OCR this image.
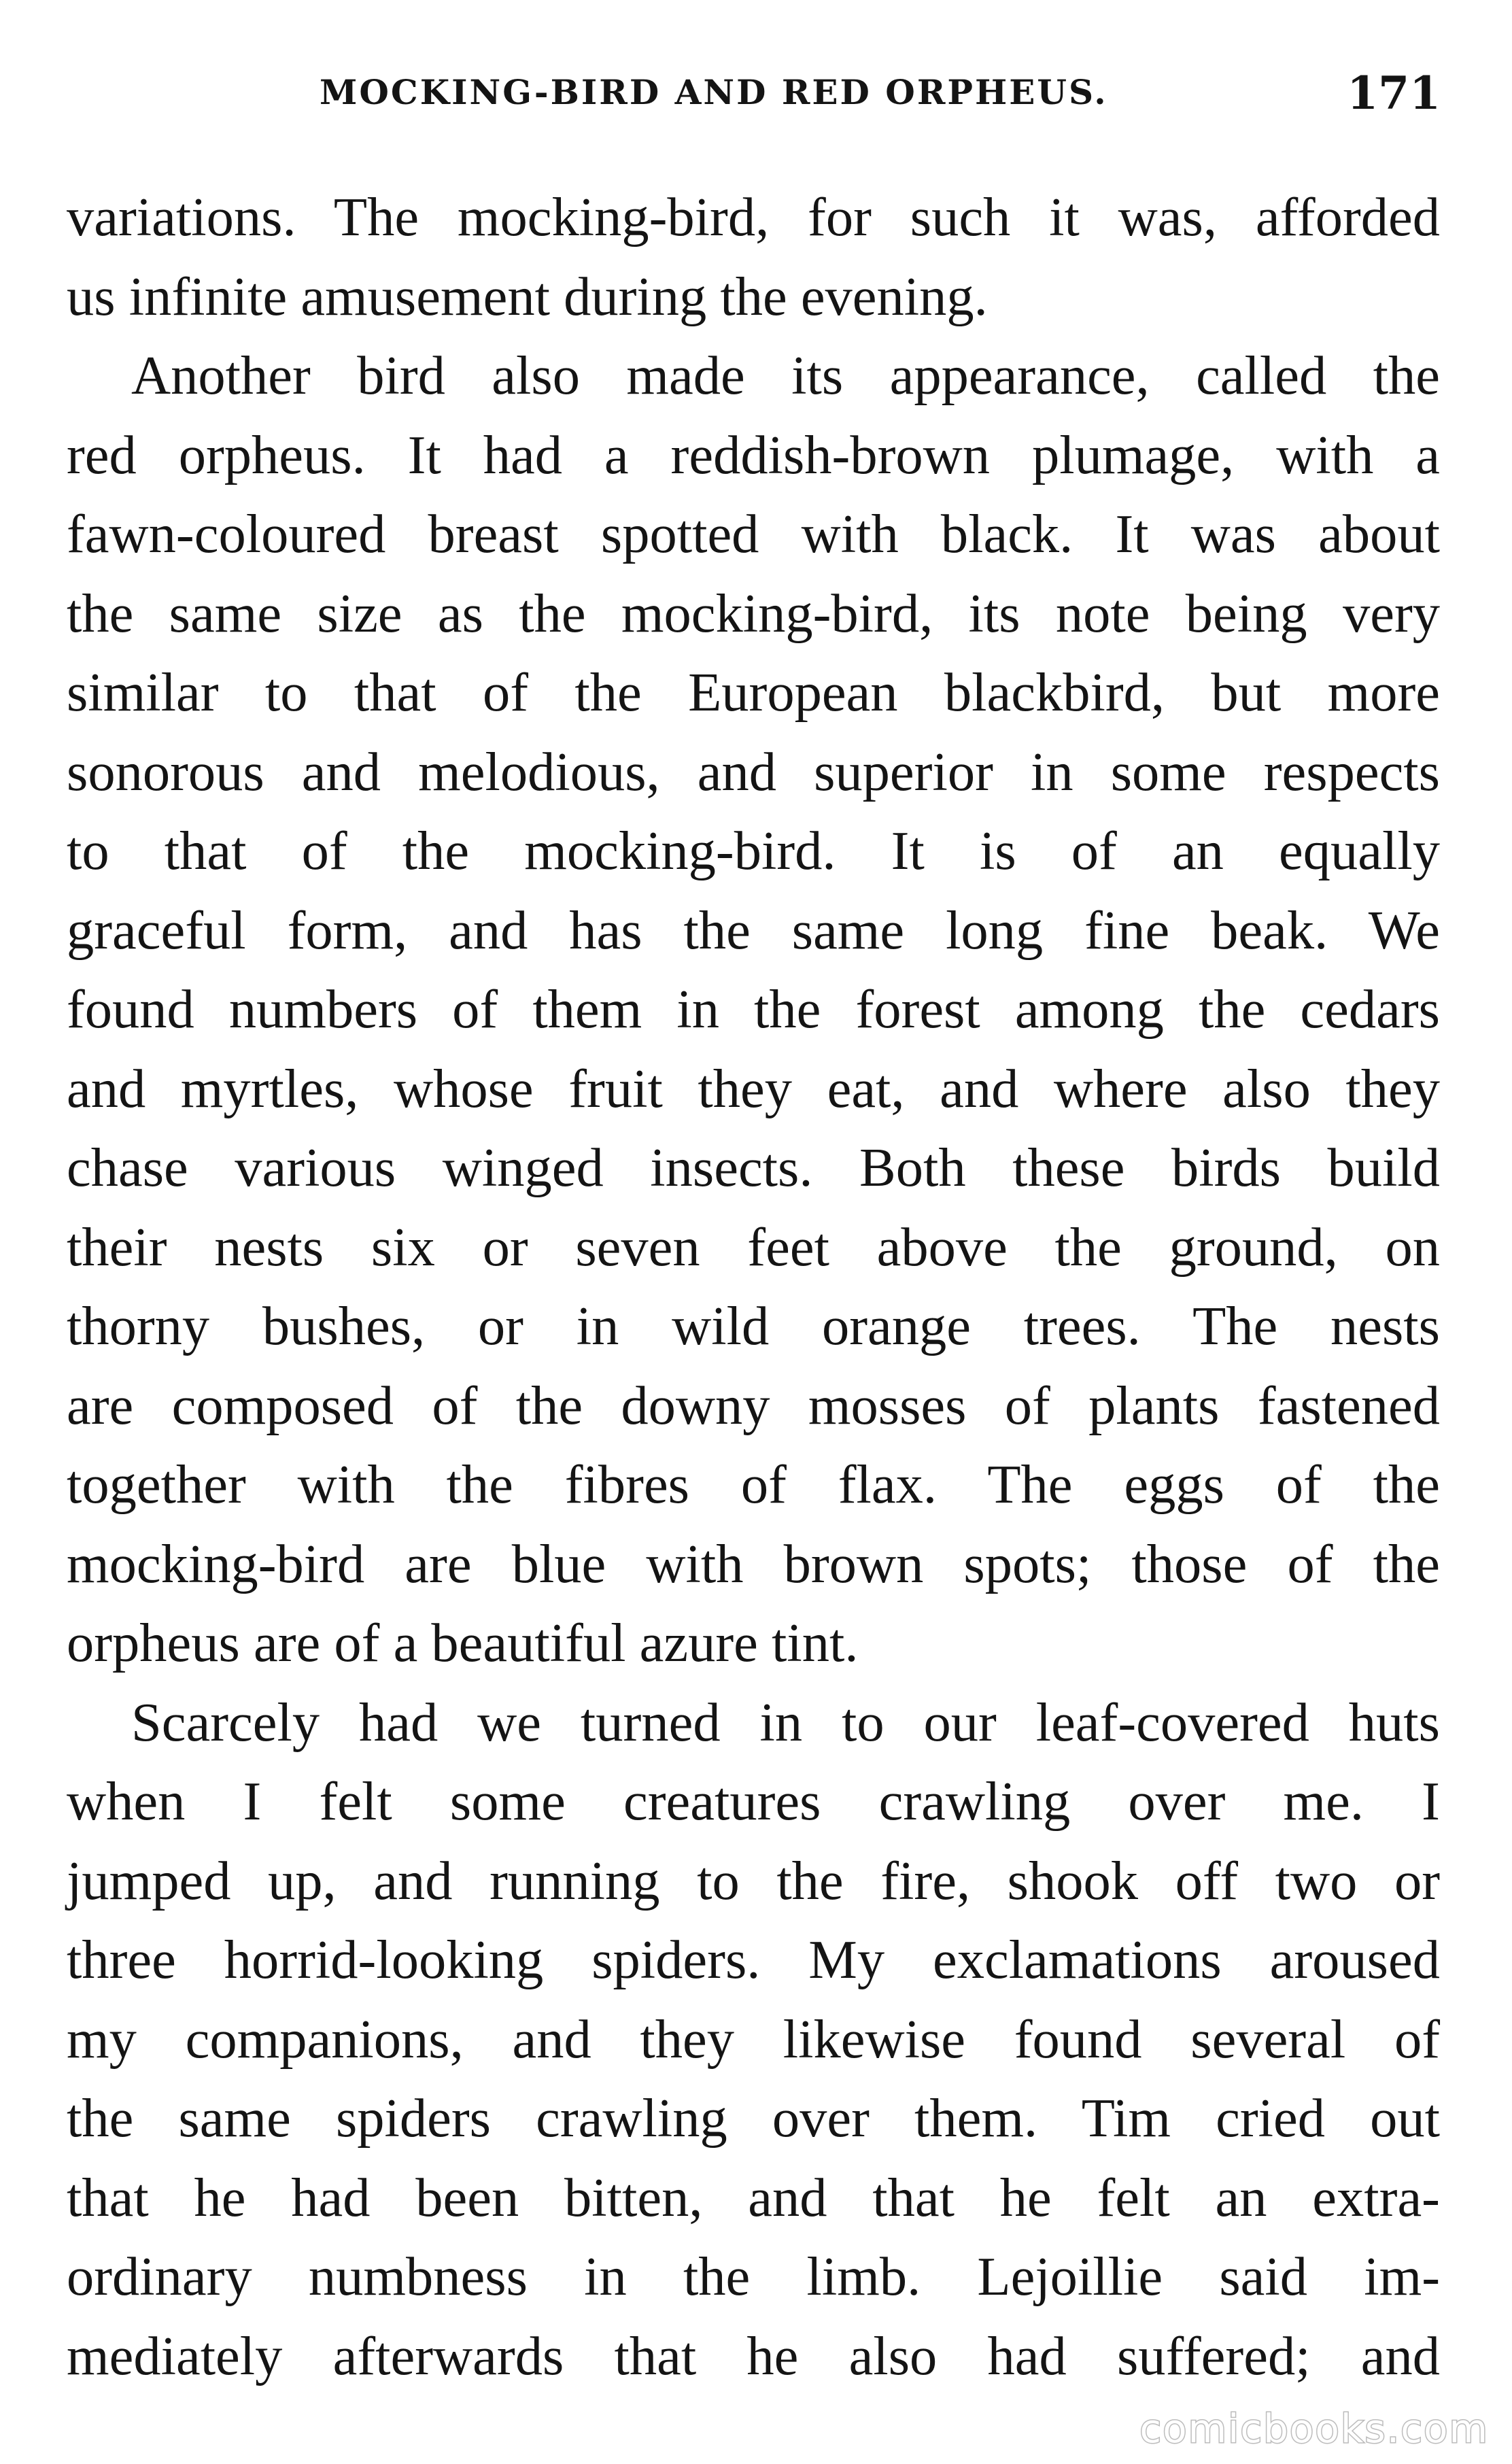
MOCKING-BIRD AND RED ORPHEUS.	171
variations. The mocking-bird, for such it was, afforded
us infinite amusement during the evening.
Another bird also made its appearance, called the
red orpheus. It had a reddish-brown plumage, with a
fawn-coloured breast spotted with black. It was about
the same size as the mocking-bird, its note being very
similar to that of the European blackbird, but more
sonorous and melodious, and superior in some respects
to that of the mocking-bird. It is of an equally
graceful form, and has the same long fine beak. We
found numbers of them in the forest among the cedars
and myrtles, whose fruit they eat, and where also they
chase various winged insects. Both these birds build
their nests six or seven feet above the ground, on
thorny bushes, or in wild orange trees. The nests
are composed of the downy mosses of plants fastened
together with the fibres of flax. The eggs of the
mocking-bird are blue with brown spots; those of the
orpheus are of a beautiful azure tint.
Scarcely had we turned in to our leaf-covered huts
when I felt some creatures crawling over me. I
jumped up, and running to the fire, shook off two or
three horrid-looking spiders. My exclamations aroused
my companions, and they likewise found several of
the same spiders crawling over them. Tim cried out
that he had been bitten, and that he felt an extra-
ordinary numbness in the limb. Lejoillie said im-
mediately afterwards that he also had suffered; and
comicbooks.com
